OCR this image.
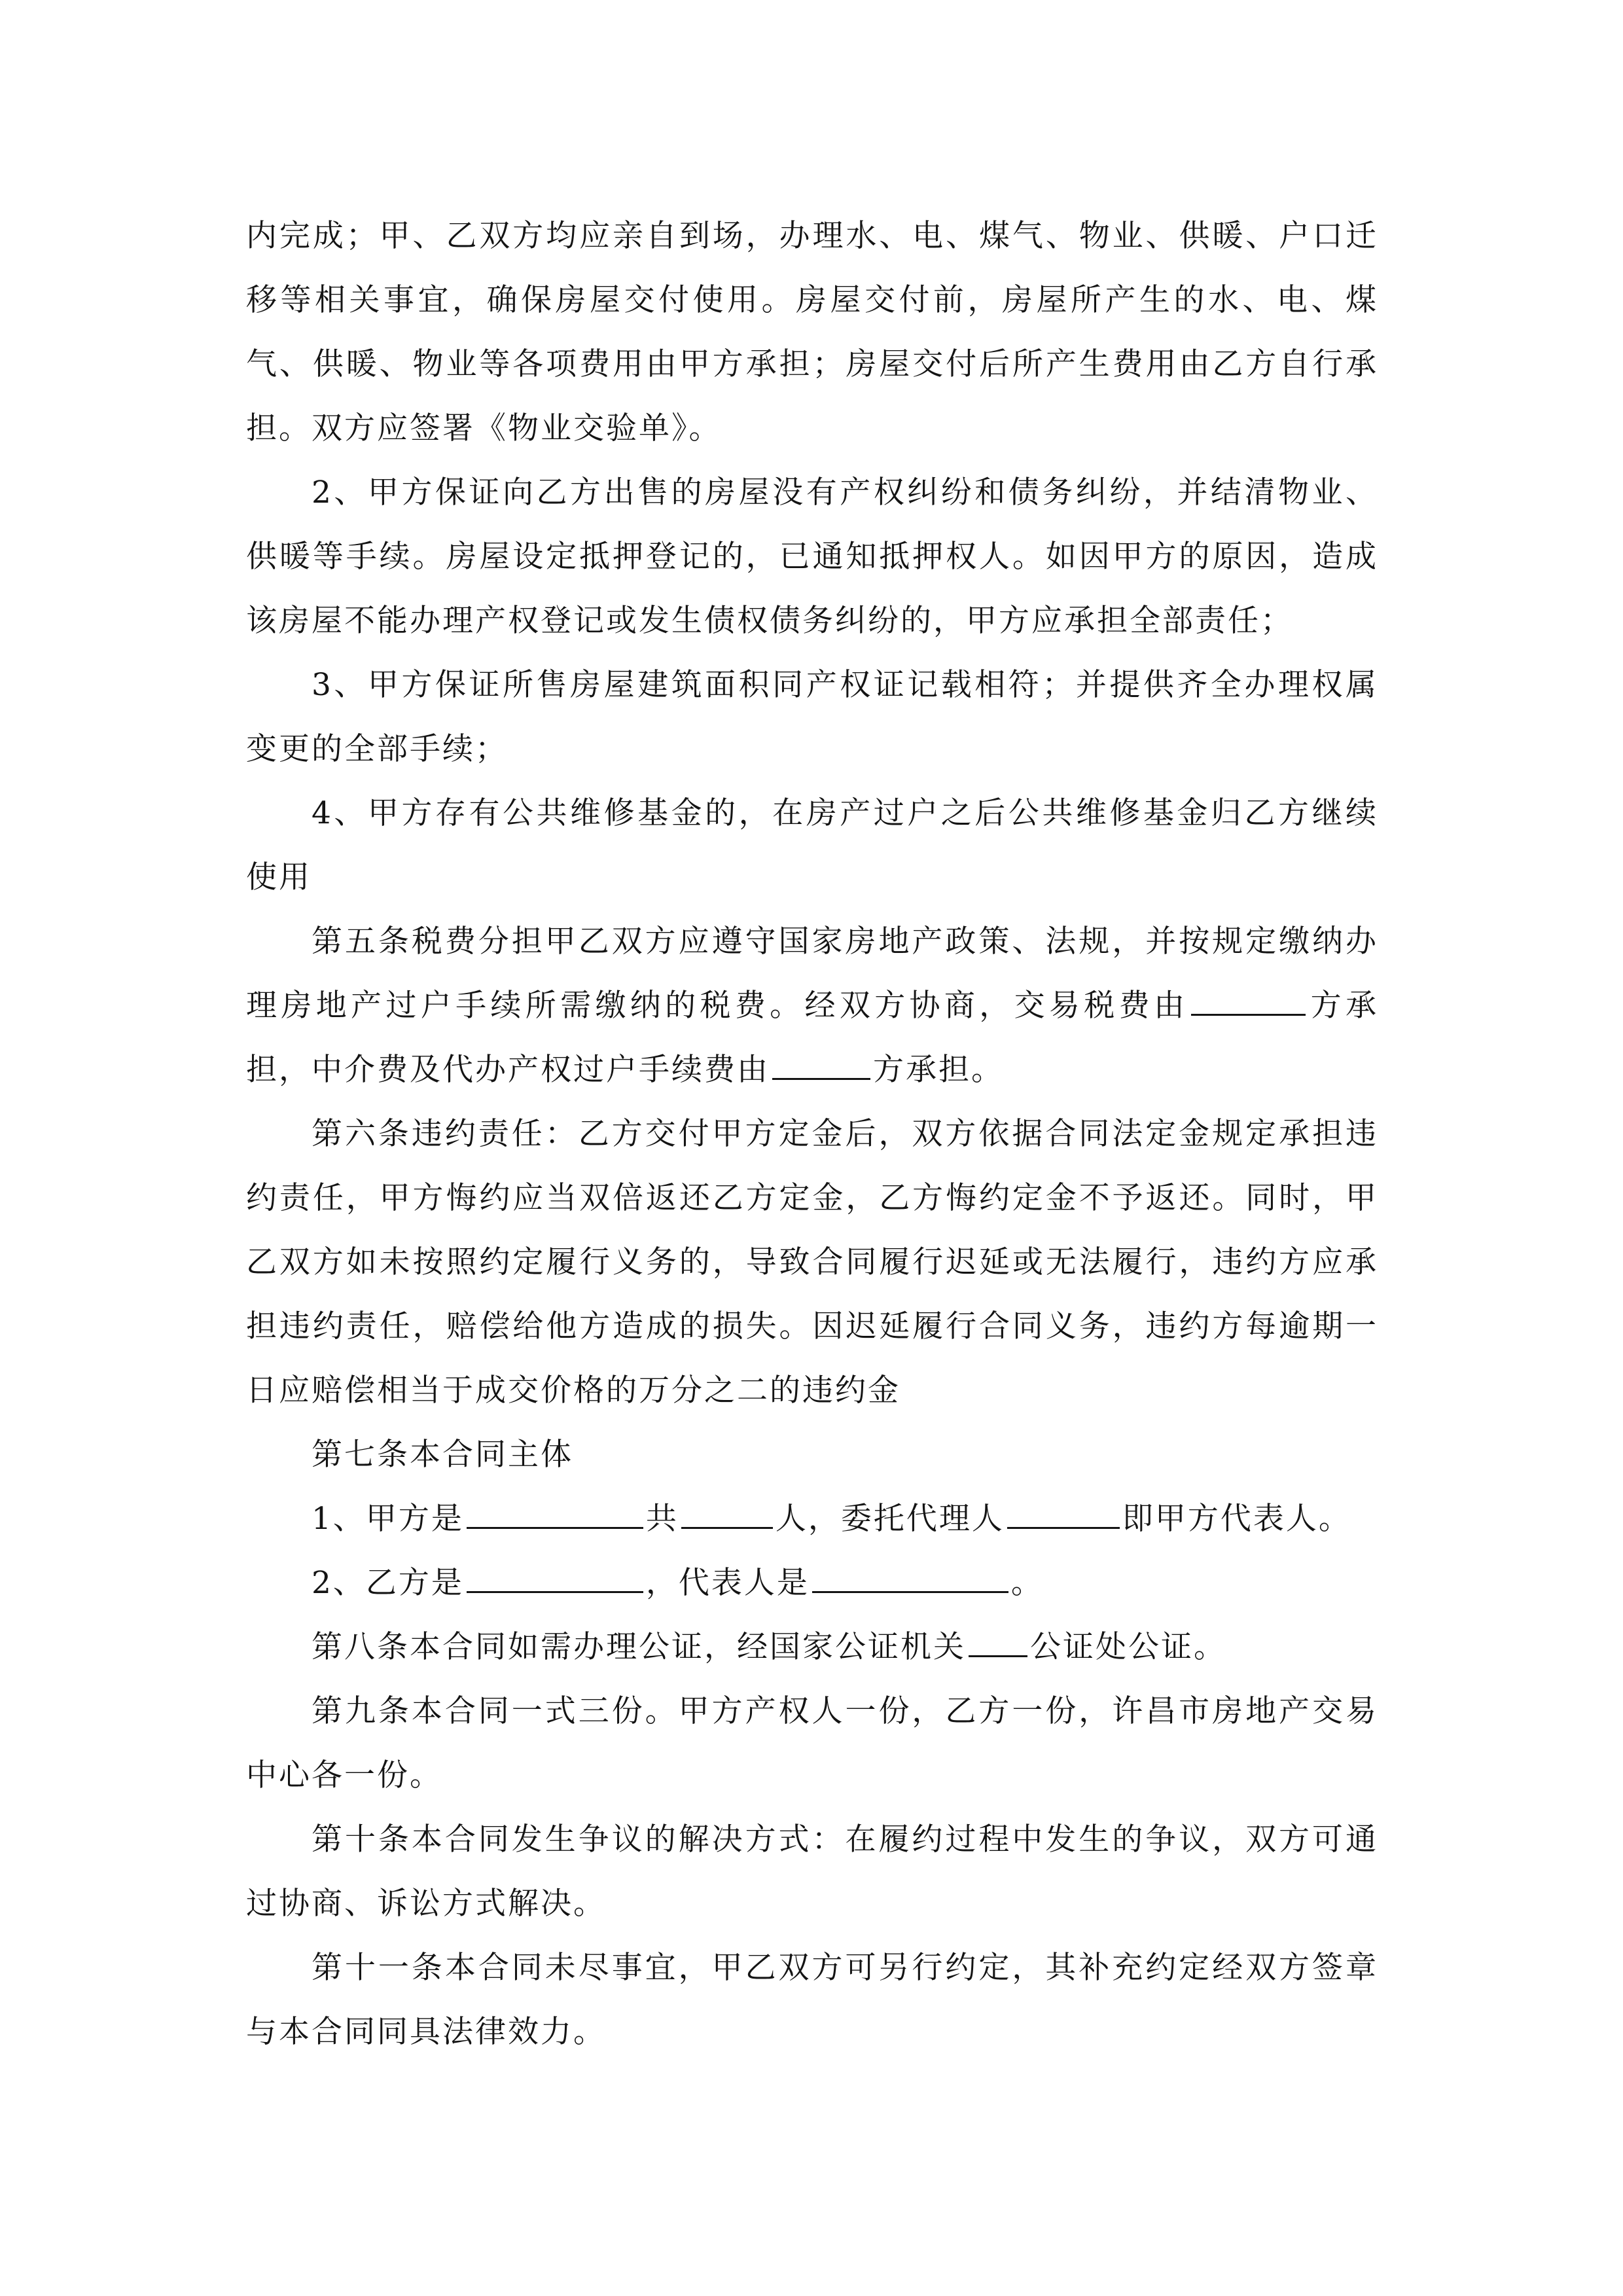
内完成；甲、乙双方均应亲自到场，办理水、电、煤气、物业、供暖、户口迁移等相关事宜，确保房屋交付使用。房屋交付前，房屋所产生的水、电、煤气、供暖、物业等各项费用由甲方承担；房屋交付后所产生费用由乙方自行承担。双方应签署《物业交验单》。

2、甲方保证向乙方出售的房屋没有产权纠纷和债务纠纷，并结清物业、供暖等手续。房屋设定抵押登记的，已通知抵押权人。如因甲方的原因，造成该房屋不能办理产权登记或发生债权债务纠纷的，甲方应承担全部责任；

3、甲方保证所售房屋建筑面积同产权证记载相符；并提供齐全办理权属变更的全部手续；

4、甲方存有公共维修基金的，在房产过户之后公共维修基金归乙方继续使用

第五条税费分担甲乙双方应遵守国家房地产政策、法规，并按规定缴纳办理房地产过户手续所需缴纳的税费。经双方协商，交易税费由	方承担，中介费及代办产权过户手续费由	方承担。

第六条违约责任：乙方交付甲方定金后，双方依据合同法定金规定承担违约责任，甲方悔约应当双倍返还乙方定金，乙方悔约定金不予返还。同时，甲乙双方如未按照约定履行义务的，导致合同履行迟延或无法履行，违约方应承担违约责任，赔偿给他方造成的损失。因迟延履行合同义务，违约方每逾期一日应赔偿相当于成交价格的万分之二的违约金

第七条本合同主体

1、甲方是	共	人，委托代理人	即甲方代表人。

2、乙方是	，代表人是	。

第八条本合同如需办理公证，经国家公证机关 公证处公证。

第九条本合同一式三份。甲方产权人一份，乙方一份，许昌市房地产交易中心各一份。

第十条本合同发生争议的解决方式：在履约过程中发生的争议，双方可通过协商、诉讼方式解决。

第十一条本合同未尽事宜，甲乙双方可另行约定，其补充约定经双方签章与本合同同具法律效力。
